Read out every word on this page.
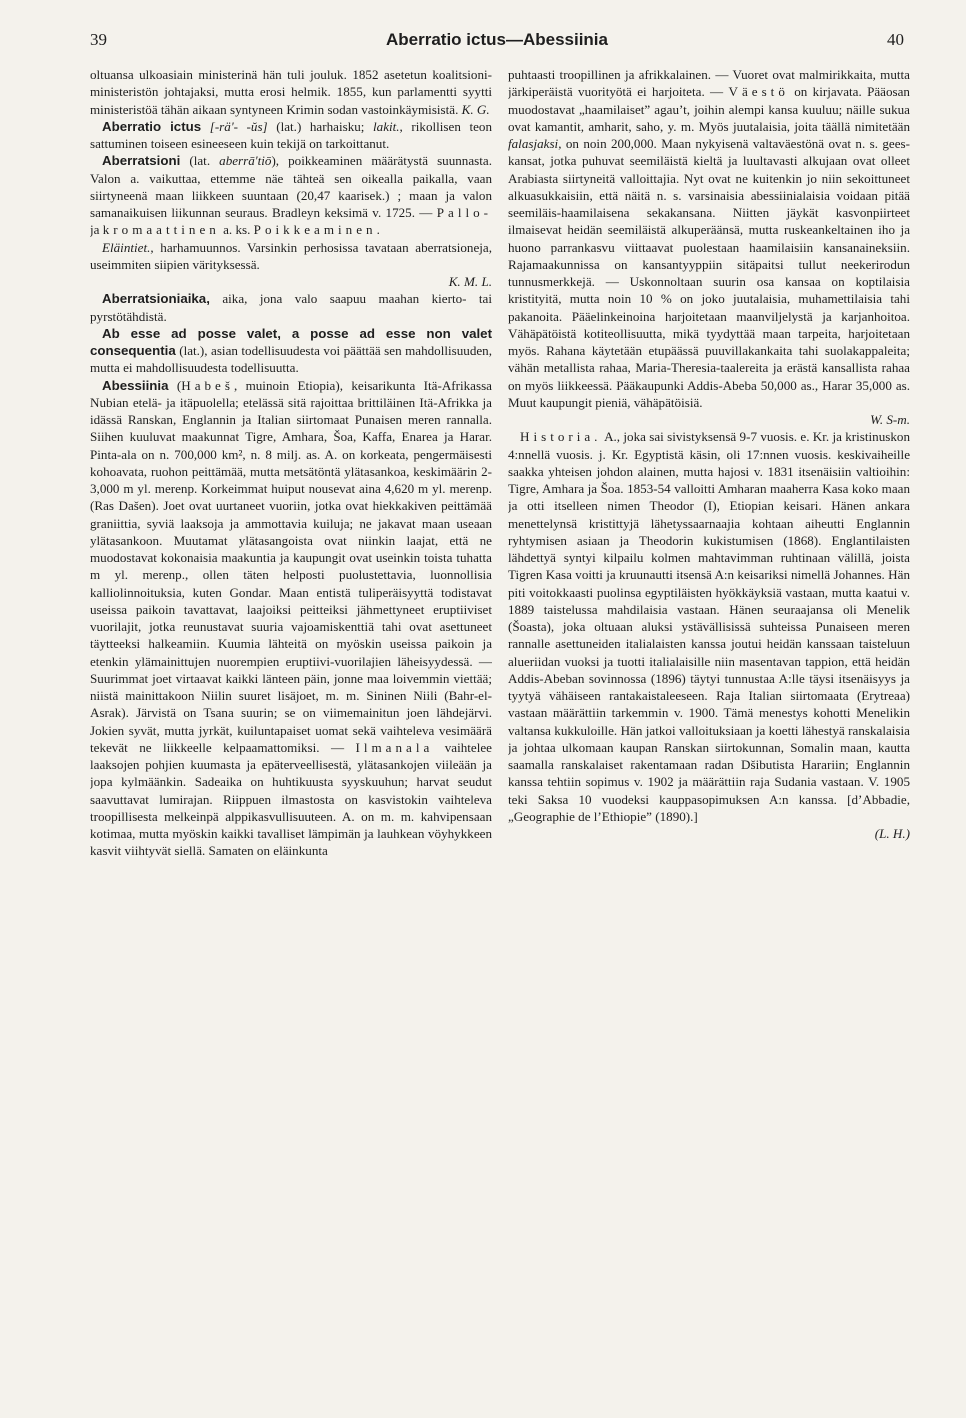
39	Aberratio ictus—Abessiinia	40

oltuansa ulkoasiain ministerinä hän tuli jouluk. 1852 asetetun koalitsioni-ministeristön johtajaksi, mutta erosi helmik. 1855, kun parlamentti syytti ministeristöä tähän aikaan syntyneen Krimin sodan vastoinkäymisistä. K. G.

Aberratio ictus [-rä'- -ŭs] (lat.) harhaisku; lakit., rikollisen teon sattuminen toiseen esineeseen kuin tekijä on tarkoittanut.

Aberratsioni (lat. aberrā'tiō), poikkeaminen määrätystä suunnasta. Valon a. vaikuttaa, ettemme näe tähteä sen oikealla paikalla, vaan siirtyneenä maan liikkeen suuntaan (20,47 kaarisek.) ; maan ja valon samanaikuisen liikunnan seuraus. Bradleyn keksimä v. 1725. — Pallo- ja kromaattinen a. ks. Poikkeaminen.

Eläintiet., harhamuunnos. Varsinkin perhosissa tavataan aberratsioneja, useimmiten siipien värityksessä.

K. M. L.

Aberratsioniaika, aika, jona valo saapuu maahan kierto- tai pyrstötähdistä.

Ab esse ad posse valet, a posse ad esse non valet consequentia (lat.), asian todellisuudesta voi päättää sen mahdollisuuden, mutta ei mahdollisuudesta todellisuutta.

Abessiinia (Habeš, muinoin Etiopia), keisarikunta Itä-Afrikassa Nubian etelä- ja itäpuolella; etelässä sitä rajoittaa brittiläinen Itä-Afrikka ja idässä Ranskan, Englannin ja Italian siirtomaat Punaisen meren rannalla. Siihen kuuluvat maakunnat Tigre, Amhara, Šoa, Kaffa, Enarea ja Harar. Pinta-ala on n. 700,000 km², n. 8 milj. as. A. on korkeata, pengermäisesti kohoavata, ruohon peittämää, mutta metsätöntä ylätasankoa, keskimäärin 2-3,000 m yl. merenp. Korkeimmat huiput nousevat aina 4,620 m yl. merenp. (Ras Dašen). Joet ovat uurtaneet vuoriin, jotka ovat hiekkakiven peittämää graniittia, syviä laaksoja ja ammottavia kuiluja; ne jakavat maan useaan ylätasankoon. Muutamat ylätasangoista ovat niinkin laajat, että ne muodostavat kokonaisia maakuntia ja kaupungit ovat useinkin toista tuhatta m yl. merenp., ollen täten helposti puolustettavia, luonnollisia kalliolinnoituksia, kuten Gondar. Maan entistä tuliperäisyyttä todistavat useissa paikoin tavattavat, laajoiksi peitteiksi jähmettyneet eruptiiviset vuorilajit, jotka reunustavat suuria vajoamiskenttiä tahi ovat asettuneet täytteeksi halkeamiin. Kuumia lähteitä on myöskin useissa paikoin ja etenkin ylämainittujen nuorempien eruptiivi-vuorilajien läheisyydessä. — Suurimmat joet virtaavat kaikki länteen päin, jonne maa loivemmin viettää; niistä mainittakoon Niilin suuret lisäjoet, m. m. Sininen Niili (Bahr-el-Asrak). Järvistä on Tsana suurin; se on viimemainitun joen lähdejärvi. Jokien syvät, mutta jyrkät, kuiluntapaiset uomat sekä vaihteleva vesimäärä tekevät ne liikkeelle kelpaamattomiksi. — Ilmanala vaihtelee laaksojen pohjien kuumasta ja epäterveellisestä, ylätasankojen viileään ja jopa kylmäänkin. Sadeaika on huhtikuusta syyskuuhun; harvat seudut saavuttavat lumirajan. Riippuen ilmastosta on kasvistokin vaihteleva troopillisesta melkeinpä alppikasvullisuuteen. A. on m. m. kahvipensaan kotimaa, mutta myöskin kaikki tavalliset lämpimän ja lauhkean vöyhykkeen kasvit viihtyvät siellä. Samaten on eläinkunta

puhtaasti troopillinen ja afrikkalainen. — Vuoret ovat malmirikkaita, mutta järkiperäistä vuorityötä ei harjoiteta. — Väestö on kirjavata. Pääosan muodostavat „haamilaiset” agau’t, joihin alempi kansa kuuluu; näille sukua ovat kamantit, amharit, saho, y. m. Myös juutalaisia, joita täällä nimitetään falasjaksi, on noin 200,000. Maan nykyisenä valtaväestönä ovat n. s. gees-kansat, jotka puhuvat seemiläistä kieltä ja luultavasti alkujaan ovat olleet Arabiasta siirtyneitä valloittajia. Nyt ovat ne kuitenkin jo niin sekoittuneet alkuasukkaisiin, että näitä n. s. varsinaisia abessiinialaisia voidaan pitää seemiläis-haamilaisena sekakansana. Niitten jäykät kasvonpiirteet ilmaisevat heidän seemiläistä alkuperäänsä, mutta ruskeankeltainen iho ja huono parrankasvu viittaavat puolestaan haamilaisiin kansanaineksiin. Rajamaakunnissa on kansantyyppiin sitäpaitsi tullut neekerirodun tunnusmerkkejä. — Uskonnoltaan suurin osa kansaa on koptilaisia kristityitä, mutta noin 10 % on joko juutalaisia, muhamettilaisia tahi pakanoita. Pääelinkeinoina harjoitetaan maanviljelystä ja karjanhoitoa. Vähäpätöistä kotiteollisuutta, mikä tyydyttää maan tarpeita, harjoitetaan myös. Rahana käytetään etupäässä puuvillakankaita tahi suolakappaleita; vähän metallista rahaa, Maria-Theresia-taalereita ja erästä kansallista rahaa on myös liikkeessä. Pääkaupunki Addis-Abeba 50,000 as., Harar 35,000 as. Muut kaupungit pieniä, vähäpätöisiä.

W. S-m.

Historia. A., joka sai sivistyksensä 9-7 vuosis. e. Kr. ja kristinuskon 4:nnellä vuosis. j. Kr. Egyptistä käsin, oli 17:nnen vuosis. keskivaiheille saakka yhteisen johdon alainen, mutta hajosi v. 1831 itsenäisiin valtioihin: Tigre, Amhara ja Šoa. 1853-54 valloitti Amharan maaherra Kasa koko maan ja otti itselleen nimen Theodor (I), Etiopian keisari. Hänen ankara menettelynsä kristittyjä lähetyssaarnaajia kohtaan aiheutti Englannin ryhtymisen asiaan ja Theodorin kukistumisen (1868). Englantilaisten lähdettyä syntyi kilpailu kolmen mahtavimman ruhtinaan välillä, joista Tigren Kasa voitti ja kruunautti itsensä A:n keisariksi nimellä Johannes. Hän piti voitokkaasti puolinsa egyptiläisten hyökkäyksiä vastaan, mutta kaatui v. 1889 taistelussa mahdilaisia vastaan. Hänen seuraajansa oli Menelik (Šoasta), joka oltuaan aluksi ystävällisissä suhteissa Punaiseen meren rannalle asettuneiden italialaisten kanssa joutui heidän kanssaan taisteluun alueriidan vuoksi ja tuotti italialaisille niin masentavan tappion, että heidän Addis-Abeban sovinnossa (1896) täytyi tunnustaa A:lle täysi itsenäisyys ja tyytyä vähäiseen rantakaistaleeseen. Raja Italian siirtomaata (Erytreaa) vastaan määrättiin tarkemmin v. 1900. Tämä menestys kohotti Menelikin valtansa kukkuloille. Hän jatkoi valloituksiaan ja koetti lähestyä ranskalaisia ja johtaa ulkomaan kaupan Ranskan siirtokunnan, Somalin maan, kautta saamalla ranskalaiset rakentamaan radan Dšibutista Harariin; Englannin kanssa tehtiin sopimus v. 1902 ja määrättiin raja Sudania vastaan. V. 1905 teki Saksa 10 vuodeksi kauppasopimuksen A:n kanssa. [d’Abbadie, „Geographie de l’Ethiopie” (1890).]

(L. H.)
